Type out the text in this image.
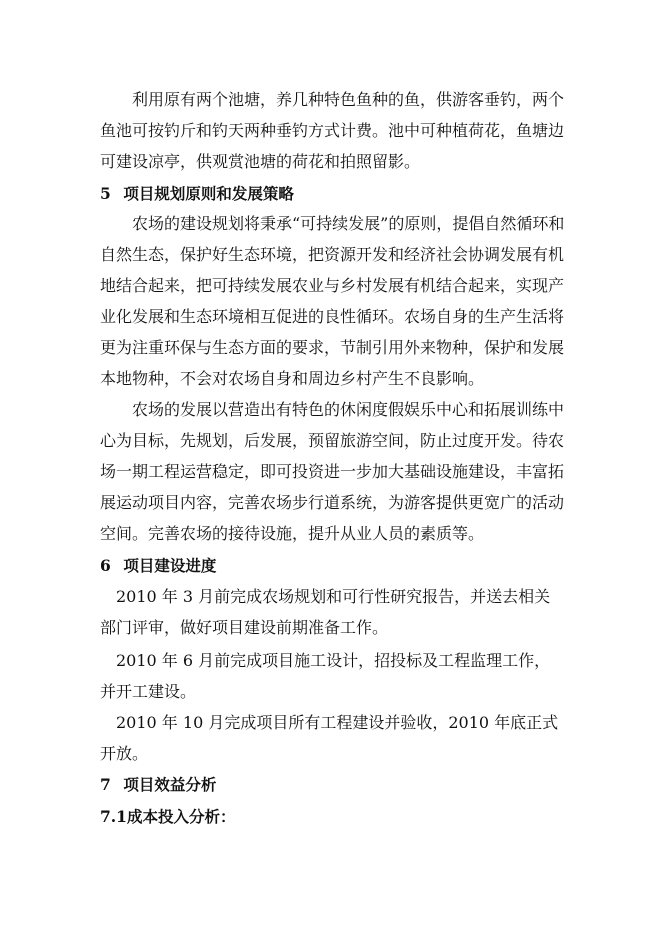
利用原有两个池塘，养几种特色鱼种的鱼，供游客垂钓，两个鱼池可按钓斤和钓天两种垂钓方式计费。池中可种植荷花，鱼塘边可建设凉亭，供观赏池塘的荷花和拍照留影。

5 项目规划原则和发展策略

农场的建设规划将秉承“可持续发展”的原则，提倡自然循环和自然生态，保护好生态环境，把资源开发和经济社会协调发展有机地结合起来，把可持续发展农业与乡村发展有机结合起来，实现产业化发展和生态环境相互促进的良性循环。农场自身的生产生活将更为注重环保与生态方面的要求，节制引用外来物种，保护和发展本地物种，不会对农场自身和周边乡村产生不良影响。

农场的发展以营造出有特色的休闲度假娱乐中心和拓展训练中心为目标，先规划，后发展，预留旅游空间，防止过度开发。待农场一期工程运营稳定，即可投资进一步加大基础设施建设，丰富拓展运动项目内容，完善农场步行道系统，为游客提供更宽广的活动空间。完善农场的接待设施，提升从业人员的素质等。

6 项目建设进度

2010 年 3 月前完成农场规划和可行性研究报告，并送去相关部门评审，做好项目建设前期准备工作。

2010 年 6 月前完成项目施工设计，招投标及工程监理工作，并开工建设。

2010 年 10 月完成项目所有工程建设并验收，2010 年底正式开放。

7 项目效益分析
7.1成本投入分析：
